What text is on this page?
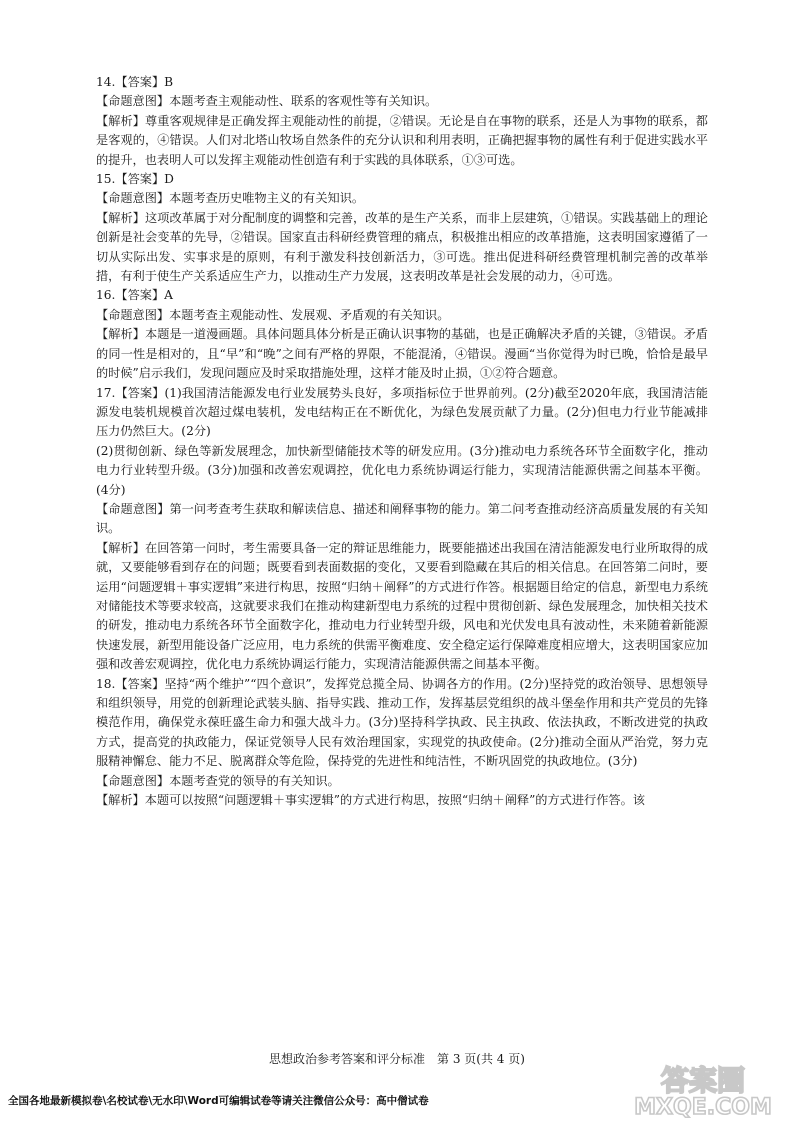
14.【答案】B

【命题意图】本题考查主观能动性、联系的客观性等有关知识。

【解析】尊重客观规律是正确发挥主观能动性的前提，②错误。无论是自在事物的联系，还是人为事物的联系，都是客观的，④错误。人们对北塔山牧场自然条件的充分认识和利用表明，正确把握事物的属性有利于促进实践水平的提升，也表明人可以发挥主观能动性创造有利于实践的具体联系，①③可选。

15.【答案】D

【命题意图】本题考查历史唯物主义的有关知识。

【解析】这项改革属于对分配制度的调整和完善，改革的是生产关系，而非上层建筑，①错误。实践基础上的理论创新是社会变革的先导，②错误。国家直击科研经费管理的痛点，积极推出相应的改革措施，这表明国家遵循了一切从实际出发、实事求是的原则，有利于激发科技创新活力，③可选。推出促进科研经费管理机制完善的改革举措，有利于使生产关系适应生产力，以推动生产力发展，这表明改革是社会发展的动力，④可选。

16.【答案】A

【命题意图】本题考查主观能动性、发展观、矛盾观的有关知识。

【解析】本题是一道漫画题。具体问题具体分析是正确认识事物的基础，也是正确解决矛盾的关键，③错误。矛盾的同一性是相对的，且“早”和“晚”之间有严格的界限，不能混淆，④错误。漫画“当你觉得为时已晚，恰恰是最早的时候”启示我们，发现问题应及时采取措施处理，这样才能及时止损，①②符合题意。

17.【答案】(1)我国清洁能源发电行业发展势头良好，多项指标位于世界前列。(2分)截至2020年底，我国清洁能源发电装机规模首次超过煤电装机，发电结构正在不断优化，为绿色发展贡献了力量。(2分)但电力行业节能减排压力仍然巨大。(2分)

(2)贯彻创新、绿色等新发展理念，加快新型储能技术等的研发应用。(3分)推动电力系统各环节全面数字化，推动电力行业转型升级。(3分)加强和改善宏观调控，优化电力系统协调运行能力，实现清洁能源供需之间基本平衡。(4分)

【命题意图】第一问考查考生获取和解读信息、描述和阐释事物的能力。第二问考查推动经济高质量发展的有关知识。

【解析】在回答第一问时，考生需要具备一定的辩证思维能力，既要能描述出我国在清洁能源发电行业所取得的成就，又要能够看到存在的问题；既要看到表面数据的变化，又要看到隐藏在其后的相关信息。在回答第二问时，要运用“问题逻辑＋事实逻辑”来进行构思，按照“归纳＋阐释”的方式进行作答。根据题目给定的信息，新型电力系统对储能技术等要求较高，这就要求我们在推动构建新型电力系统的过程中贯彻创新、绿色发展理念，加快相关技术的研发，推动电力系统各环节全面数字化，推动电力行业转型升级，风电和光伏发电具有波动性，未来随着新能源快速发展，新型用能设备广泛应用，电力系统的供需平衡难度、安全稳定运行保障难度相应增大，这表明国家应加强和改善宏观调控，优化电力系统协调运行能力，实现清洁能源供需之间基本平衡。

18.【答案】坚持“两个维护”“四个意识”，发挥党总揽全局、协调各方的作用。(2分)坚持党的政治领导、思想领导和组织领导，用党的创新理论武装头脑、指导实践、推动工作，发挥基层党组织的战斗堡垒作用和共产党员的先锋模范作用，确保党永葆旺盛生命力和强大战斗力。(3分)坚持科学执政、民主执政、依法执政，不断改进党的执政方式，提高党的执政能力，保证党领导人民有效治理国家，实现党的执政使命。(2分)推动全面从严治党，努力克服精神懈怠、能力不足、脱离群众等危险，保持党的先进性和纯洁性，不断巩固党的执政地位。(3分)

【命题意图】本题考查党的领导的有关知识。

【解析】本题可以按照“问题逻辑＋事实逻辑”的方式进行构思，按照“归纳＋阐释”的方式进行作答。该

思想政治参考答案和评分标准　第 3 页(共 4 页)
全国各地最新模拟卷\名校试卷\无水印\Word可编辑试卷等请关注微信公众号：高中僧试卷
答案圈
MXQE.COM
